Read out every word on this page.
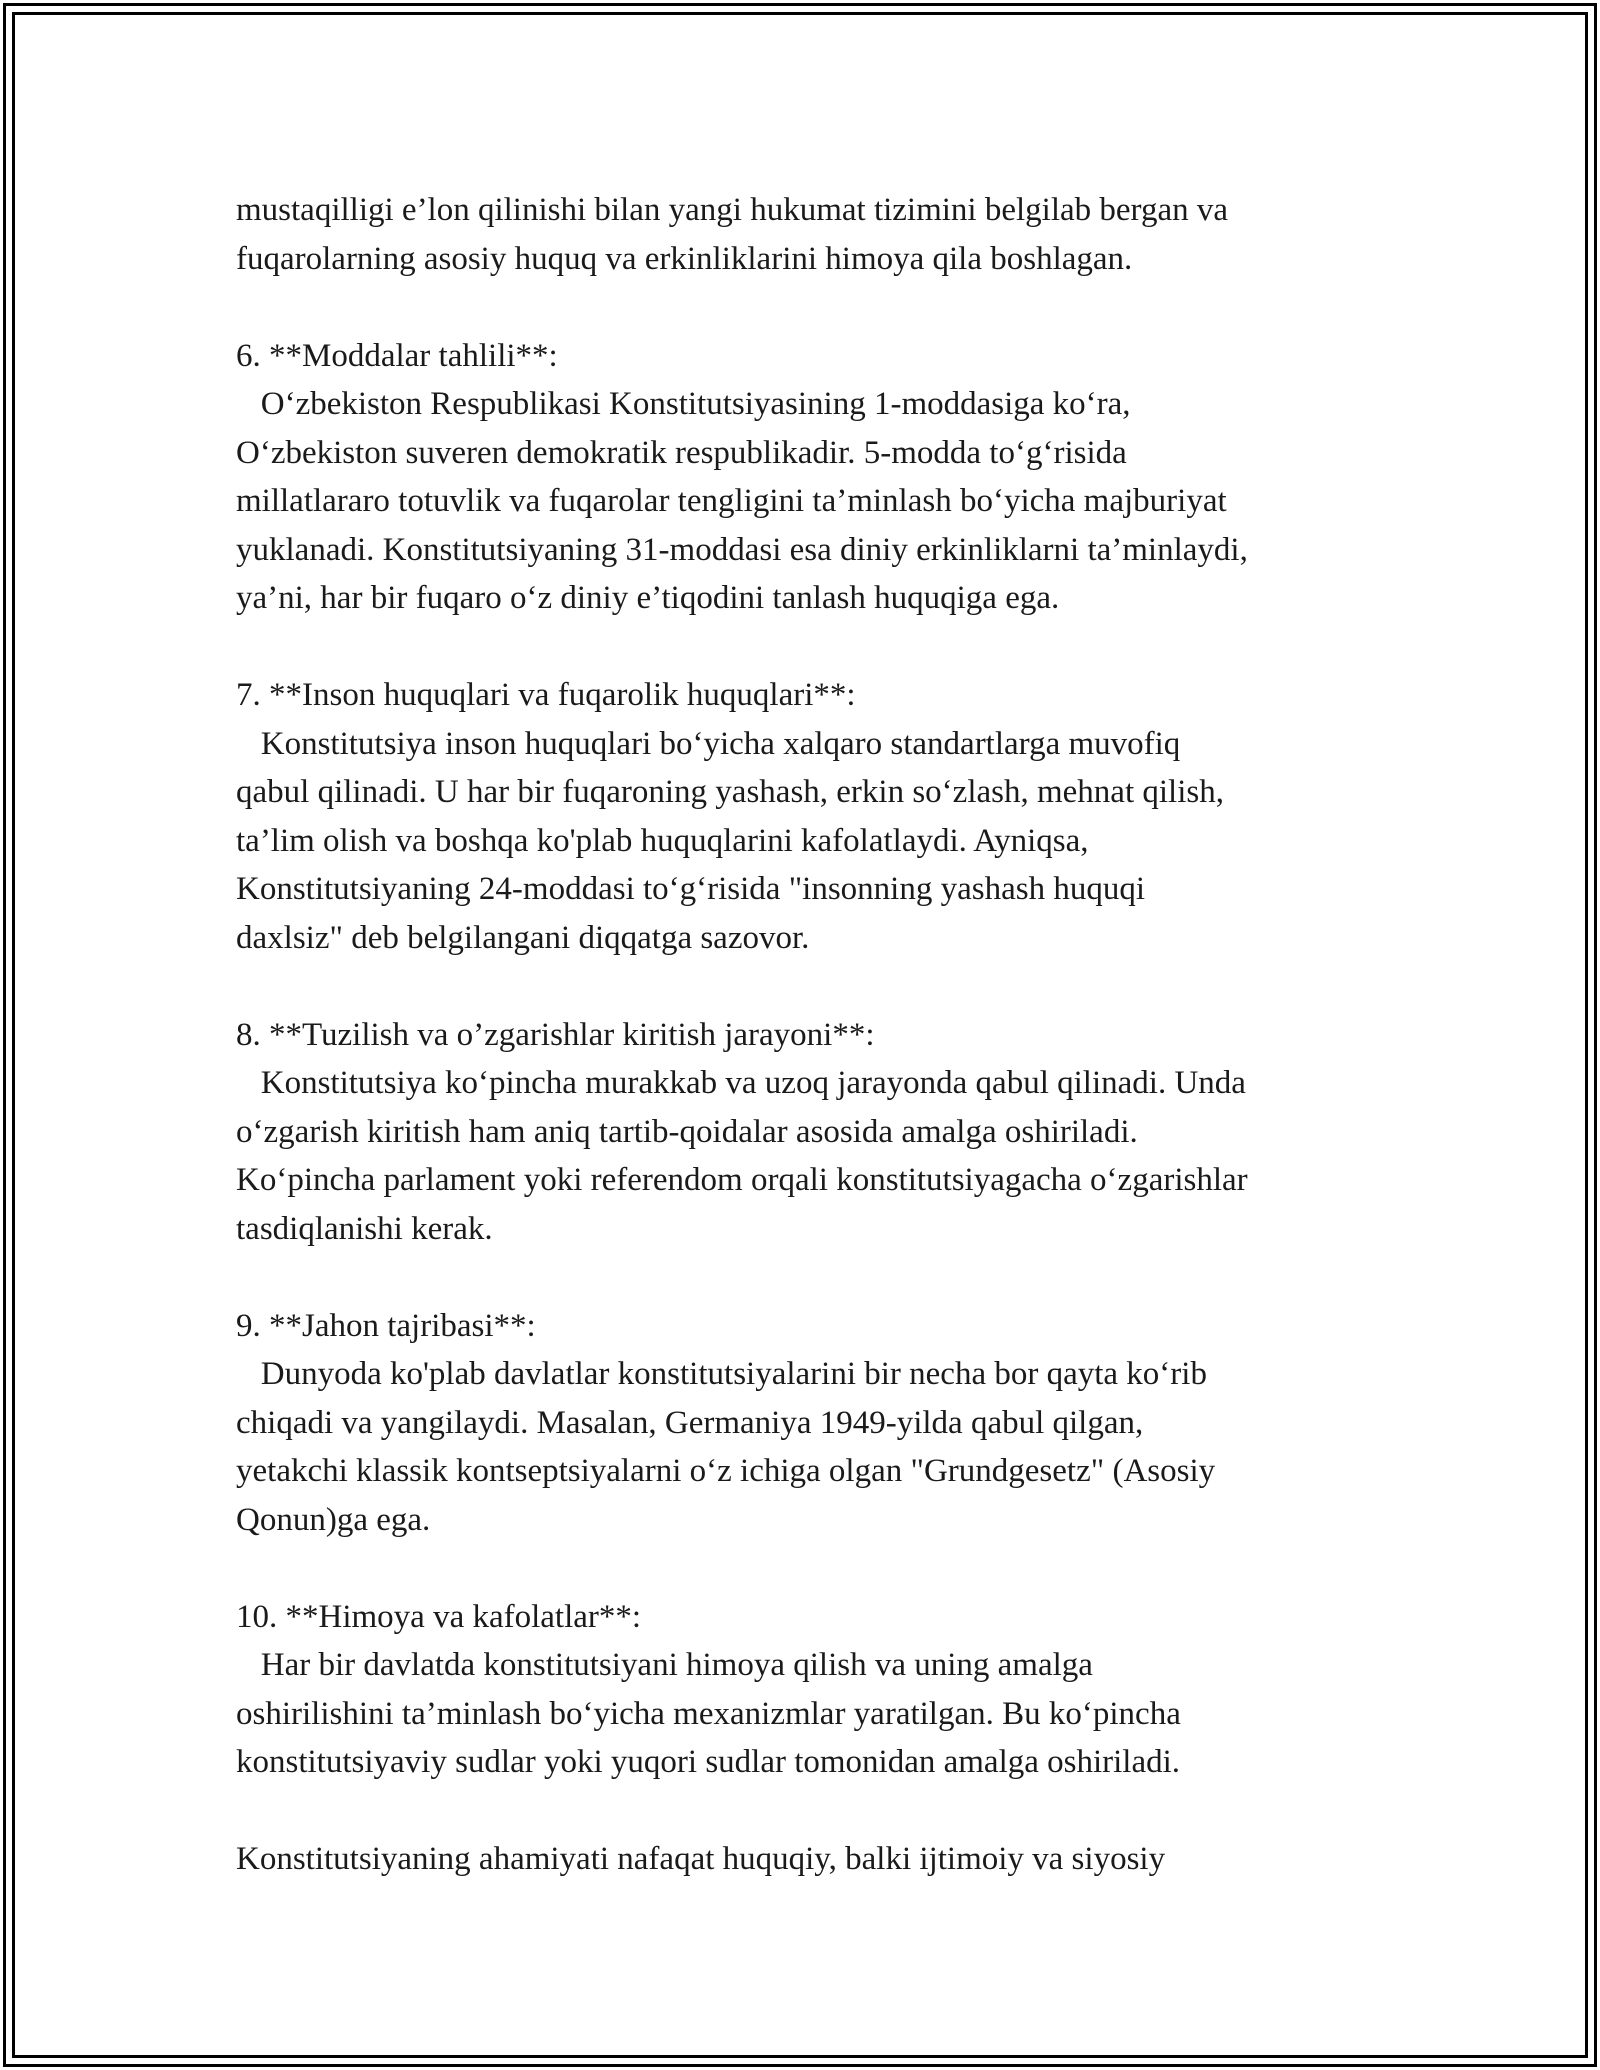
mustaqilligi e’lon qilinishi bilan yangi hukumat tizimini belgilab bergan va
fuqarolarning asosiy huquq va erkinliklarini himoya qila boshlagan.
6. **Moddalar tahlili**:
O‘zbekiston Respublikasi Konstitutsiyasining 1-moddasiga ko‘ra,
O‘zbekiston suveren demokratik respublikadir. 5-modda to‘g‘risida
millatlararo totuvlik va fuqarolar tengligini ta’minlash bo‘yicha majburiyat
yuklanadi. Konstitutsiyaning 31-moddasi esa diniy erkinliklarni ta’minlaydi,
ya’ni, har bir fuqaro o‘z diniy e’tiqodini tanlash huquqiga ega.
7. **Inson huquqlari va fuqarolik huquqlari**:
Konstitutsiya inson huquqlari bo‘yicha xalqaro standartlarga muvofiq
qabul qilinadi. U har bir fuqaroning yashash, erkin so‘zlash, mehnat qilish,
ta’lim olish va boshqa ko'plab huquqlarini kafolatlaydi. Ayniqsa,
Konstitutsiyaning 24-moddasi to‘g‘risida "insonning yashash huquqi
daxlsiz" deb belgilangani diqqatga sazovor.
8. **Tuzilish va o’zgarishlar kiritish jarayoni**:
Konstitutsiya ko‘pincha murakkab va uzoq jarayonda qabul qilinadi. Unda
o‘zgarish kiritish ham aniq tartib-qoidalar asosida amalga oshiriladi.
Ko‘pincha parlament yoki referendom orqali konstitutsiyagacha o‘zgarishlar
tasdiqlanishi kerak.
9. **Jahon tajribasi**:
Dunyoda ko'plab davlatlar konstitutsiyalarini bir necha bor qayta ko‘rib
chiqadi va yangilaydi. Masalan, Germaniya 1949-yilda qabul qilgan,
yetakchi klassik kontseptsiyalarni o‘z ichiga olgan "Grundgesetz" (Asosiy
Qonun)ga ega.
10. **Himoya va kafolatlar**:
Har bir davlatda konstitutsiyani himoya qilish va uning amalga
oshirilishini ta’minlash bo‘yicha mexanizmlar yaratilgan. Bu ko‘pincha
konstitutsiyaviy sudlar yoki yuqori sudlar tomonidan amalga oshiriladi.
Konstitutsiyaning ahamiyati nafaqat huquqiy, balki ijtimoiy va siyosiy
